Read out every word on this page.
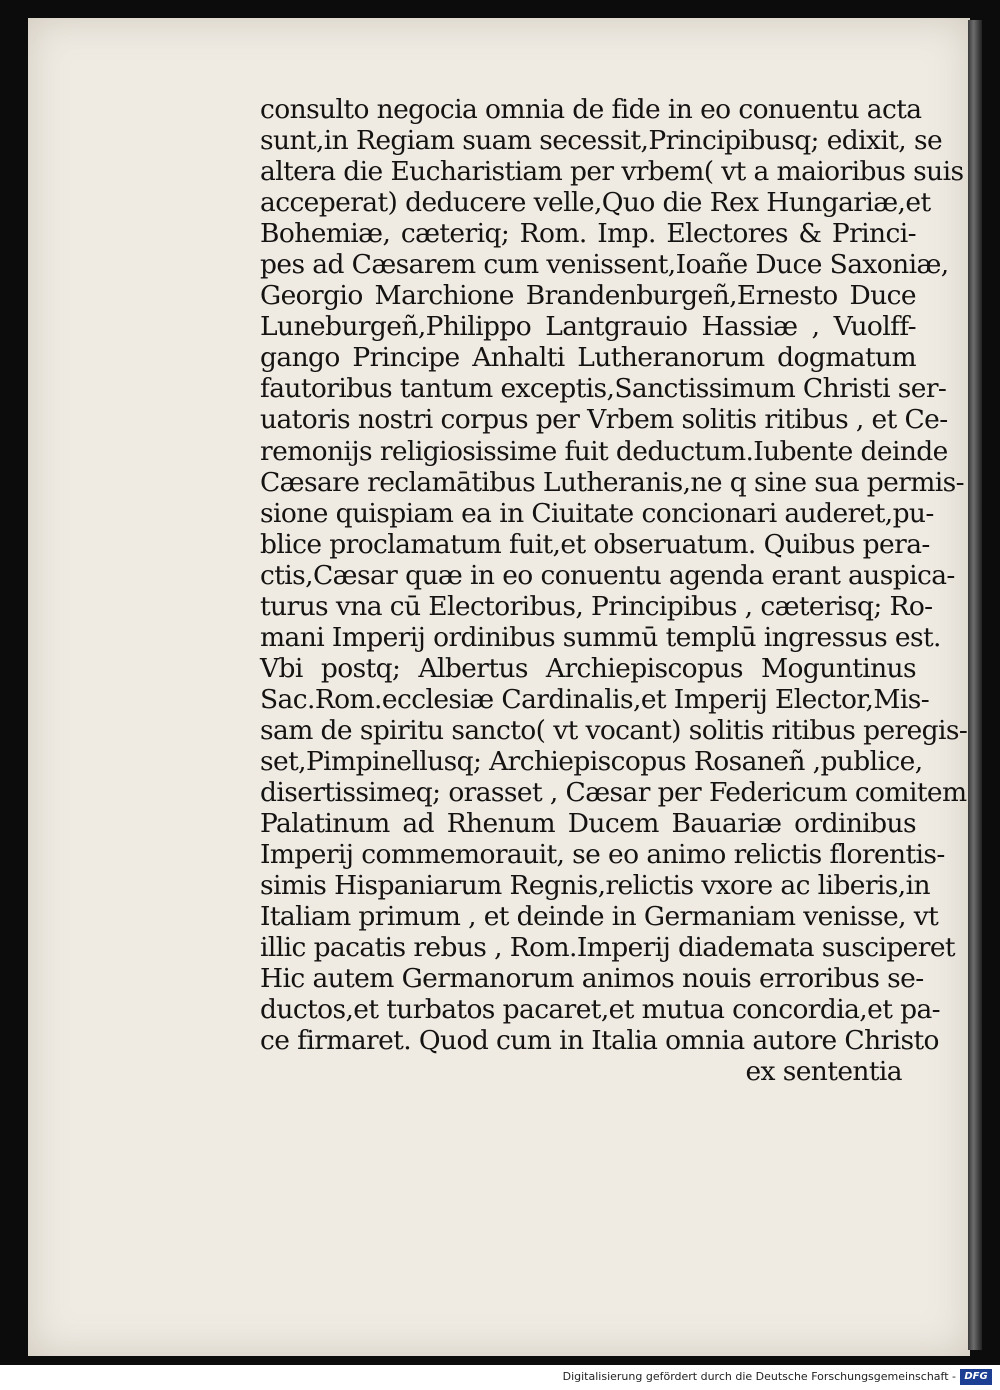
consulto negocia omnia de fide in eo conuentu acta
sunt,in Regiam suam secessit,Principibusq; edixit, se
altera die Eucharistiam per vrbem( vt a maioribus suis
acceperat) deducere velle,Quo die Rex Hungariæ,et
Bohemiæ, cæteriq; Rom. Imp. Electores & Princi-
pes ad Cæsarem cum venissent,Ioañe Duce Saxoniæ,
Georgio Marchione Brandenburgeñ,Ernesto Duce
Luneburgeñ,Philippo Lantgrauio Hassiæ , Vuolff-
gango Principe Anhalti Lutheranorum dogmatum
fautoribus tantum exceptis,Sanctissimum Christi ser-
uatoris nostri corpus per Vrbem solitis ritibus , et Ce-
remonijs religiosissime fuit deductum.Iubente deinde
Cæsare reclamātibus Lutheranis,ne q sine sua permis-
sione quispiam ea in Ciuitate concionari auderet,pu-
blice proclamatum fuit,et obseruatum. Quibus pera-
ctis,Cæsar quæ in eo conuentu agenda erant auspica-
turus vna cū Electoribus, Principibus , cæterisq; Ro-
mani Imperij ordinibus summū templū ingressus est.
Vbi postq; Albertus Archiepiscopus Moguntinus
Sac.Rom.ecclesiæ Cardinalis,et Imperij Elector,Mis-
sam de spiritu sancto( vt vocant) solitis ritibus peregis-
set,Pimpinellusq; Archiepiscopus Rosaneñ ,publice,
disertissimeq; orasset , Cæsar per Federicum comitem
Palatinum ad Rhenum Ducem Bauariæ ordinibus
Imperij commemorauit, se eo animo relictis florentis-
simis Hispaniarum Regnis,relictis vxore ac liberis,in
Italiam primum , et deinde in Germaniam venisse, vt
illic pacatis rebus , Rom.Imperij diademata susciperet
Hic autem Germanorum animos nouis erroribus se-
ductos,et turbatos pacaret,et mutua concordia,et pa-
ce firmaret. Quod cum in Italia omnia autore Christo
ex sententia
Digitalisierung gefördert durch die Deutsche Forschungsgemeinschaft - DFG
